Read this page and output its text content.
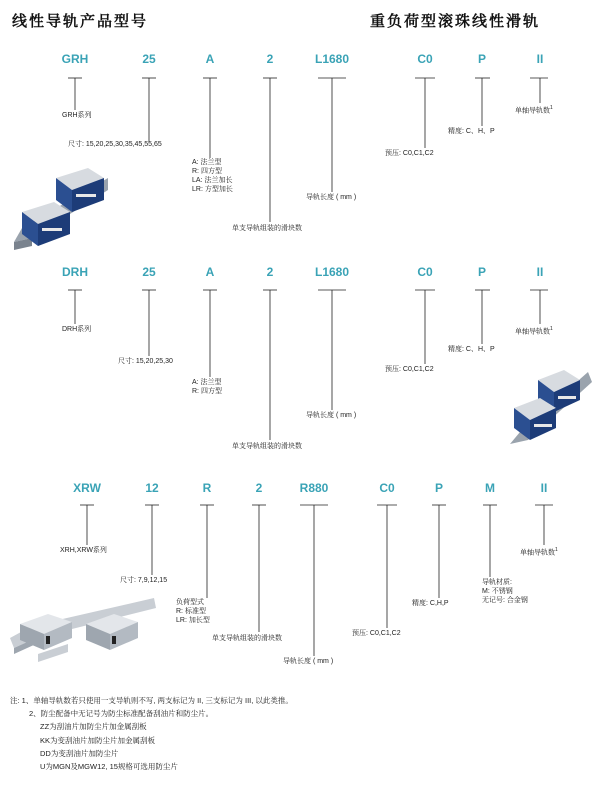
线性导轨产品型号	重负荷型滚珠线性滑轨
GRH	25	A	2	L1680	C0	P	II
GRH系列
尺寸: 15,20,25,30,35,45,55,65
A: 法兰型
R: 四方型
LA: 法兰加长
LR: 方型加长
单支导轨组装的滑块数
导轨长度 ( mm )
预压: C0,C1,C2
精度: C、H、P
单轴导轨数$^1$
DRH	25	A	2	L1680	C0	P	II
DRH系列
尺寸: 15,20,25,30
A: 法兰型
R: 四方型
单支导轨组装的滑块数
导轨长度 ( mm )
预压: C0,C1,C2
精度: C、H、P
单轴导轨数$^1$
XRW	12	R	2	R880	C0	P	M	II
XRH,XRW系列
尺寸: 7,9,12,15
负荷型式
R: 标准型
LR: 加长型
单支导轨组装的滑块数
导轨长度 ( mm )
预压: C0,C1,C2
精度: C,H,P
导轨材质:
M: 不锈钢
无记号: 合金钢
单轴导轨数$^1$
注: 1、单轴导轨数若只使用一支导轨则不写, 两支标记为 II, 三支标记为 III, 以此类推。
2、防尘配备中无记号为防尘标准配备刮油片和防尘片。
ZZ为刮油片加防尘片加金属刮板
KK为变刮油片加防尘片加金属刮板
DD为变刮油片加防尘片
U为MGN及MGW12, 15规格可选用防尘片
